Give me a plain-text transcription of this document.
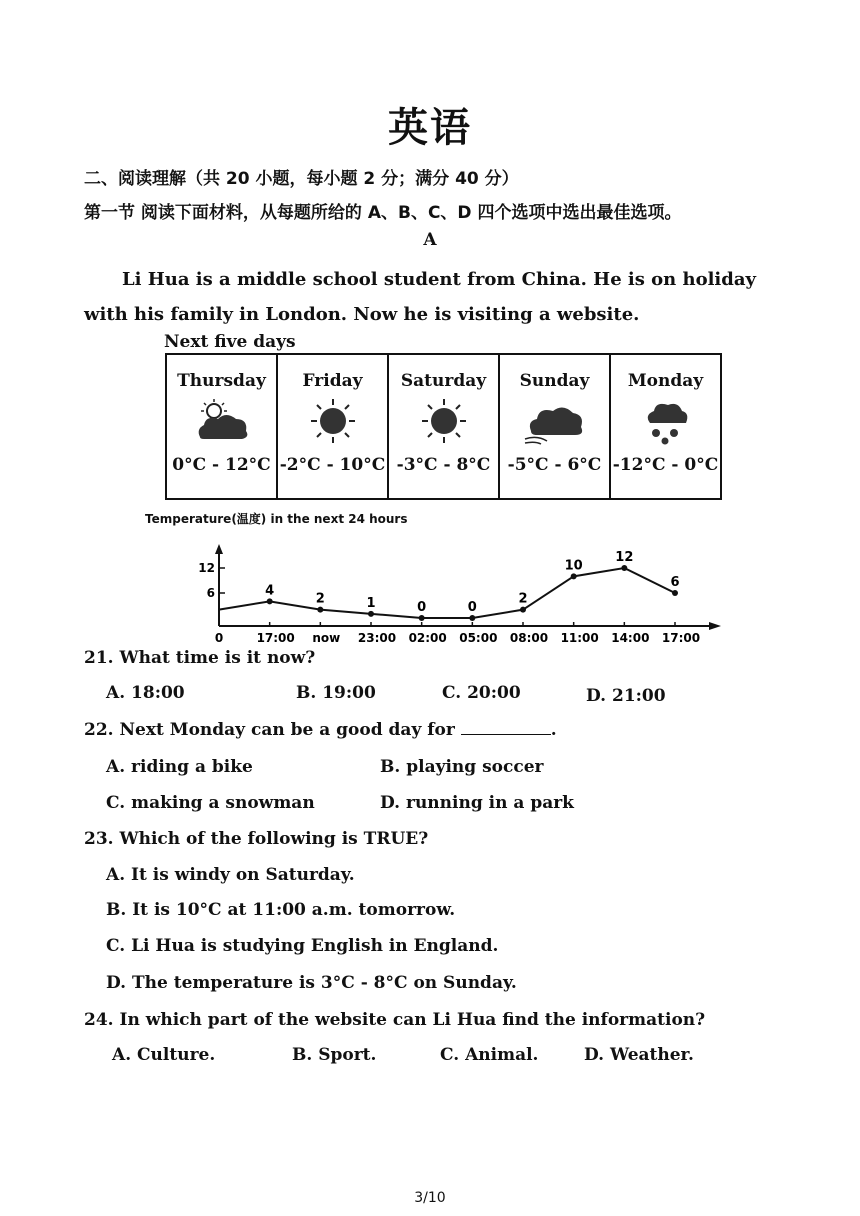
英语
二、阅读理解（共 20 小题，每小题 2 分；满分 40 分）
第一节 阅读下面材料，从每题所给的 A、B、C、D 四个选项中选出最佳选项。
A
Li Hua is a middle school student from China. He is on holiday with his family in London. Now he is visiting a website.
Next five days
Thursday
0°C - 12°C

Friday
-2°C - 10°C

Saturday
-3°C - 8°C

Sunday
-5°C - 6°C

Monday
-12°C - 0°C
Temperature(温度) in the next 24 hours
4
2	1	0	0
2
10
12
6
0	17:00 now 23:00 02:00 05:00 08:00 11:00 14:00 17:00
6
12
21. What time is it now?
A. 18:00	B. 19:00	C. 20:00	D. 21:00
22. Next Monday can be a good day for	.
A. riding a bike	B. playing soccer
C. making a snowman	D. running in a park
23. Which of the following is TRUE?
A. It is windy on Saturday.
B. It is 10°C at 11:00 a.m. tomorrow.
C. Li Hua is studying English in England.
D. The temperature is 3°C - 8°C on Sunday.
24. In which part of the website can Li Hua find the information?
A. Culture.	B. Sport.	C. Animal.	D. Weather.
3/10
